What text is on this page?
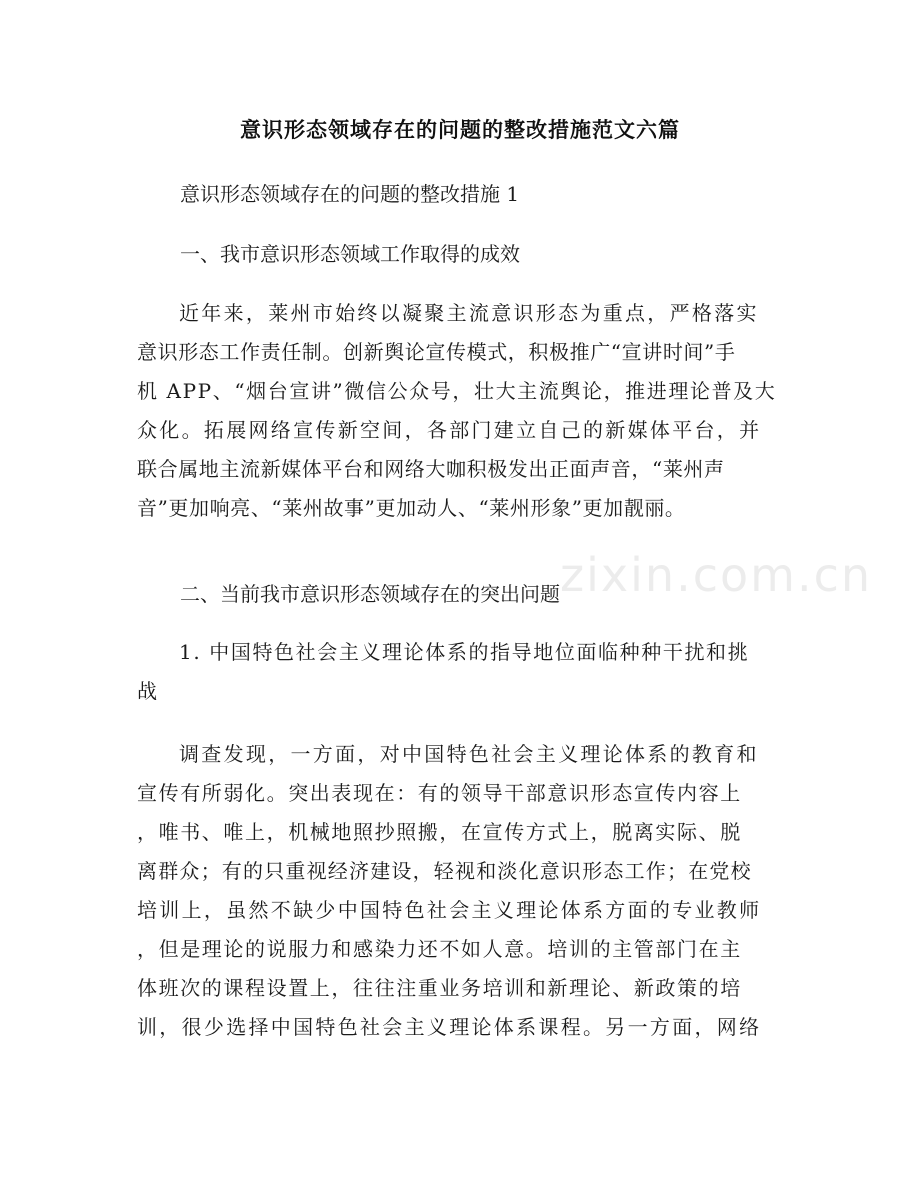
意识形态领域存在的问题的整改措施范文六篇
意识形态领域存在的问题的整改措施 1
一、我市意识形态领域工作取得的成效
近年来，莱州市始终以凝聚主流意识形态为重点，严格落实
意识形态工作责任制。创新舆论宣传模式，积极推广“宣讲时间”手
机 APP、“烟台宣讲”微信公众号，壮大主流舆论，推进理论普及大
众化。拓展网络宣传新空间，各部门建立自己的新媒体平台，并
联合属地主流新媒体平台和网络大咖积极发出正面声音，“莱州声
音”更加响亮、“莱州故事”更加动人、“莱州形象”更加靓丽。
二、当前我市意识形态领域存在的突出问题
1. 中国特色社会主义理论体系的指导地位面临种种干扰和挑
战
调查发现，一方面，对中国特色社会主义理论体系的教育和
宣传有所弱化。突出表现在：有的领导干部意识形态宣传内容上
，唯书、唯上，机械地照抄照搬，在宣传方式上，脱离实际、脱
离群众；有的只重视经济建设，轻视和淡化意识形态工作；在党校
培训上，虽然不缺少中国特色社会主义理论体系方面的专业教师
，但是理论的说服力和感染力还不如人意。培训的主管部门在主
体班次的课程设置上，往往注重业务培训和新理论、新政策的培
训，很少选择中国特色社会主义理论体系课程。另一方面，网络
zixin.com.cn
